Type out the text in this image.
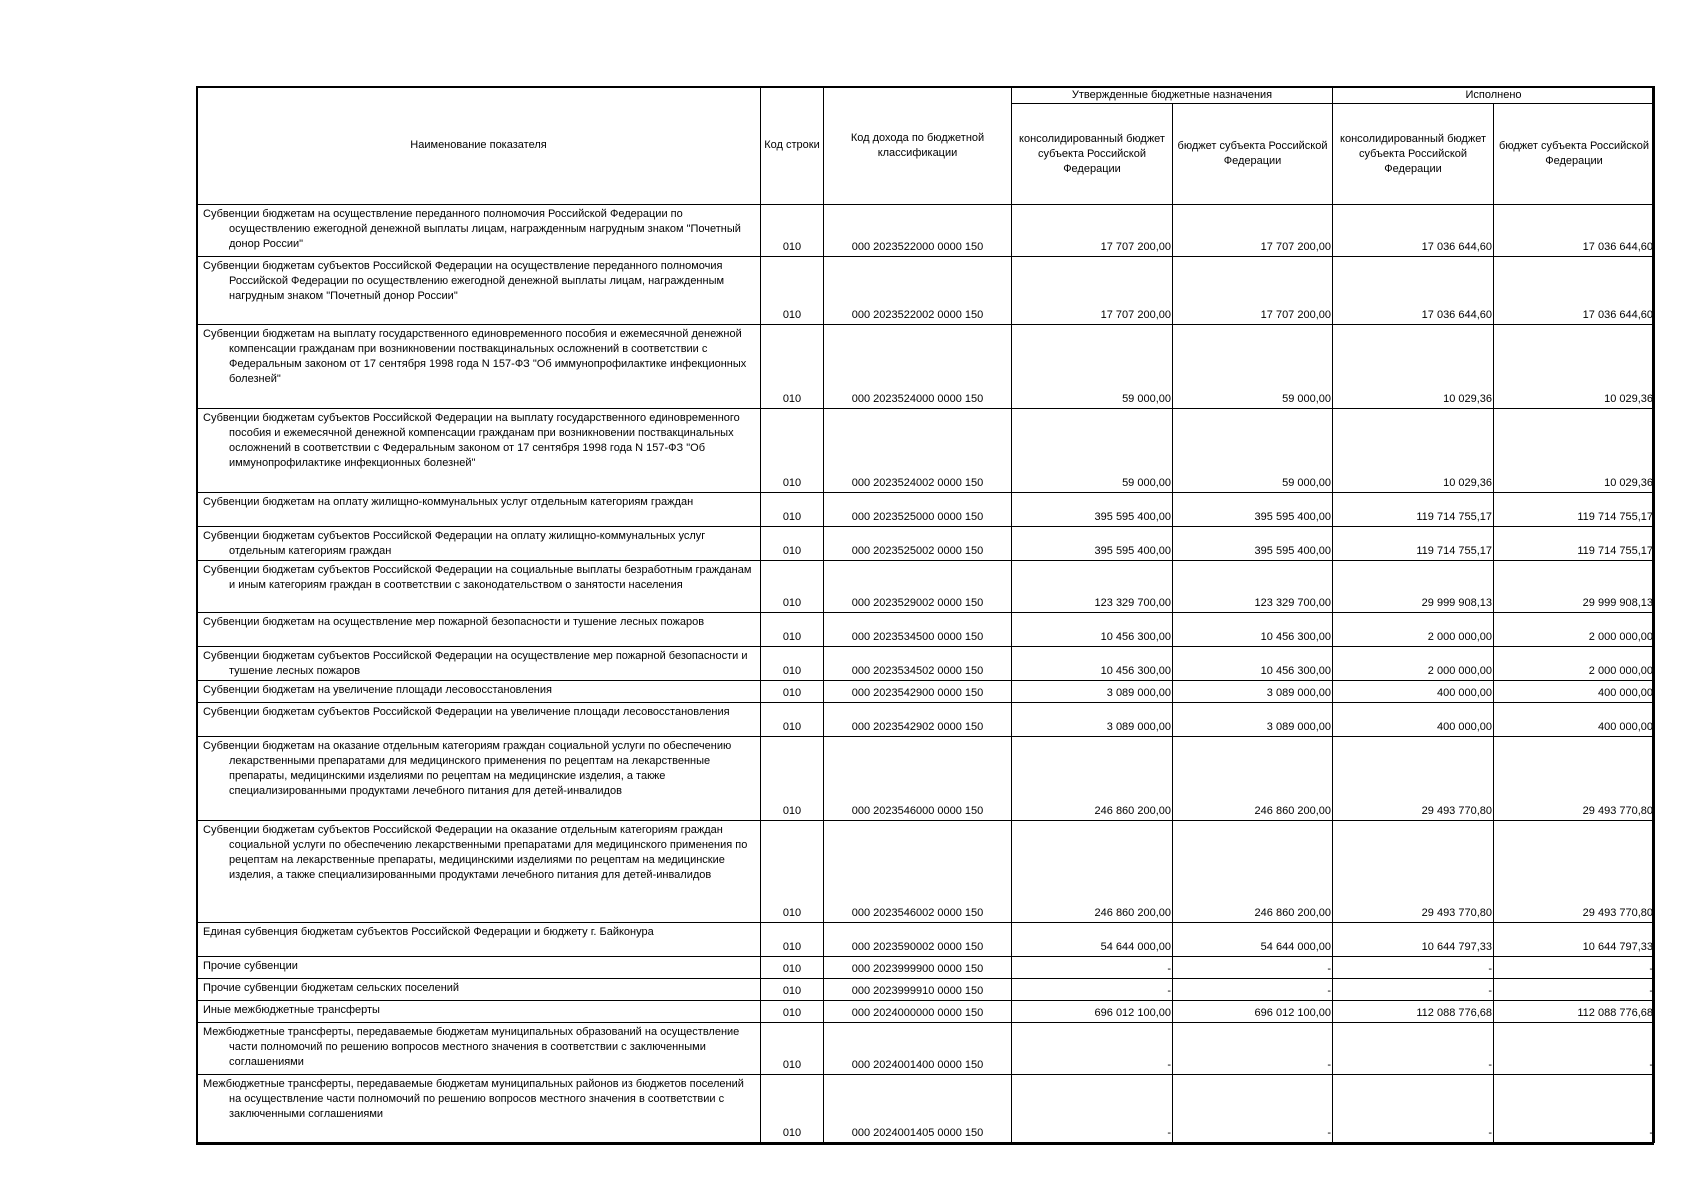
Наименование показателя	Код строки	Код дохода по бюджетной классификации	Утвержденные бюджетные назначения		Исполнено	
			консолидированный бюджет субъекта Российской Федерации	бюджет субъекта Российской Федерации	консолидированный бюджет субъекта Российской Федерации	бюджет субъекта Российской Федерации
Субвенции бюджетам на осуществление переданного полномочия Российской Федерации по осуществлению ежегодной денежной выплаты лицам, награжденным нагрудным знаком "Почетный донор России"	010	000 2023522000 0000 150	17 707 200,00	17 707 200,00	17 036 644,60	17 036 644,60
Субвенции бюджетам субъектов Российской Федерации на осуществление переданного полномочия Российской Федерации по осуществлению ежегодной денежной выплаты лицам, награжденным нагрудным знаком "Почетный донор России"	010	000 2023522002 0000 150	17 707 200,00	17 707 200,00	17 036 644,60	17 036 644,60
Субвенции бюджетам на выплату государственного единовременного пособия и ежемесячной денежной компенсации гражданам при возникновении поствакцинальных осложнений в соответствии с Федеральным законом от 17 сентября 1998 года N 157-ФЗ "Об иммунопрофилактике инфекционных болезней"	010	000 2023524000 0000 150	59 000,00	59 000,00	10 029,36	10 029,36
Субвенции бюджетам субъектов Российской Федерации на выплату государственного единовременного пособия и ежемесячной денежной компенсации гражданам при возникновении поствакцинальных осложнений в соответствии с Федеральным законом от 17 сентября 1998 года N 157-ФЗ "Об иммунопрофилактике инфекционных болезней"	010	000 2023524002 0000 150	59 000,00	59 000,00	10 029,36	10 029,36
Субвенции бюджетам на оплату жилищно-коммунальных услуг отдельным категориям граждан	010	000 2023525000 0000 150	395 595 400,00	395 595 400,00	119 714 755,17	119 714 755,17
Субвенции бюджетам субъектов Российской Федерации на оплату жилищно-коммунальных услуг отдельным категориям граждан	010	000 2023525002 0000 150	395 595 400,00	395 595 400,00	119 714 755,17	119 714 755,17
Субвенции бюджетам субъектов Российской Федерации на социальные выплаты безработным гражданам и иным категориям граждан в соответствии с законодательством о занятости населения	010	000 2023529002 0000 150	123 329 700,00	123 329 700,00	29 999 908,13	29 999 908,13
Субвенции бюджетам на осуществление мер пожарной безопасности и тушение лесных пожаров	010	000 2023534500 0000 150	10 456 300,00	10 456 300,00	2 000 000,00	2 000 000,00
Субвенции бюджетам субъектов Российской Федерации на осуществление мер пожарной безопасности и тушение лесных пожаров	010	000 2023534502 0000 150	10 456 300,00	10 456 300,00	2 000 000,00	2 000 000,00
Субвенции бюджетам на увеличение площади лесовосстановления	010	000 2023542900 0000 150	3 089 000,00	3 089 000,00	400 000,00	400 000,00
Субвенции бюджетам субъектов Российской Федерации на увеличение площади лесовосстановления	010	000 2023542902 0000 150	3 089 000,00	3 089 000,00	400 000,00	400 000,00
Субвенции бюджетам на оказание отдельным категориям граждан социальной услуги по обеспечению лекарственными препаратами для медицинского применения по рецептам на лекарственные препараты, медицинскими изделиями по рецептам на медицинские изделия, а также специализированными продуктами лечебного питания для детей-инвалидов	010	000 2023546000 0000 150	246 860 200,00	246 860 200,00	29 493 770,80	29 493 770,80
Субвенции бюджетам субъектов Российской Федерации на оказание отдельным категориям граждан социальной услуги по обеспечению лекарственными препаратами для медицинского применения по рецептам на лекарственные препараты, медицинскими изделиями по рецептам на медицинские изделия, а также специализированными продуктами лечебного питания для детей-инвалидов	010	000 2023546002 0000 150	246 860 200,00	246 860 200,00	29 493 770,80	29 493 770,80
Единая субвенция бюджетам субъектов Российской Федерации и бюджету г. Байконура	010	000 2023590002 0000 150	54 644 000,00	54 644 000,00	10 644 797,33	10 644 797,33
Прочие субвенции	010	000 2023999900 0000 150	-	-	-	-
Прочие субвенции бюджетам сельских поселений	010	000 2023999910 0000 150	-	-	-	-
Иные межбюджетные трансферты	010	000 2024000000 0000 150	696 012 100,00	696 012 100,00	112 088 776,68	112 088 776,68
Межбюджетные трансферты, передаваемые бюджетам муниципальных образований на осуществление части полномочий по решению вопросов местного значения в соответствии с заключенными соглашениями	010	000 2024001400 0000 150	-	-	-	-
Межбюджетные трансферты, передаваемые бюджетам муниципальных районов из бюджетов поселений на осуществление части полномочий по решению вопросов местного значения в соответствии с заключенными соглашениями	010	000 2024001405 0000 150	-	-	-	-
